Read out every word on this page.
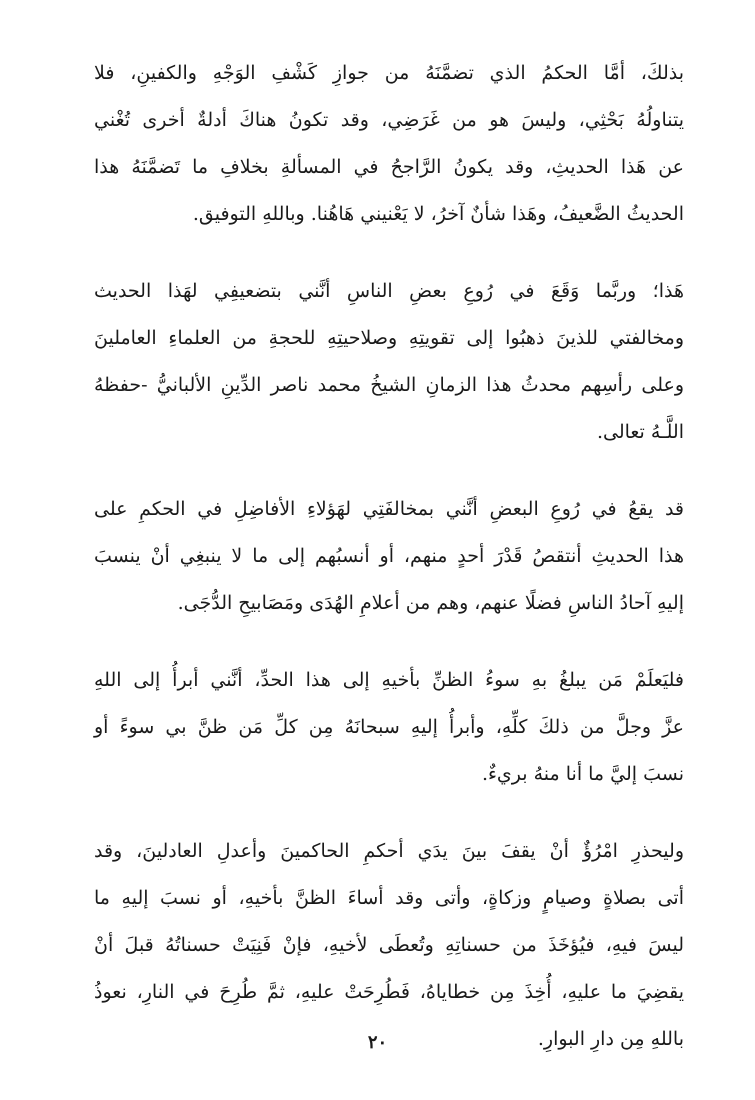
بذلكَ، أمَّا الحكمُ الذي تضمَّنَهُ من جوازِ كَشْفِ الوَجْهِ والكفينِ، فلا
يتناولُهُ بَحْثِي، وليسَ هو من غَرَضِي، وقد تكونُ هناكَ أدلةٌ أخرى تُغْني
عن هَذا الحديثِ، وقد يكونُ الرَّاجحُ في المسألةِ بخلافِ ما تَضمَّنَهُ هذا
الحديثُ الضَّعيفُ، وهَذا شأنٌ آخرُ، لا يَعْنيني هَاهُنا. وباللهِ التوفيق.

هَذا؛ وربَّما وَقَعَ في رُوعِ بعضِ الناسِ أنَّني بتضعيفِي لهَذا الحديث
ومخالفتي للذينَ ذهبُوا إلى تقويتِهِ وصلاحيتِهِ للحجةِ من العلماءِ العاملينَ
وعلى رأسِهم محدثُ هذا الزمانِ الشيخُ محمد ناصر الدِّينِ الألبانيُّ -حفظهُ
اللَّـهُ تعالى.

قد يقعُ في رُوعِ البعضِ أنَّني بمخالفَتِي لهَؤلاءِ الأفاضِلِ في الحكمِ على
هذا الحديثِ أنتقصُ قَدْرَ أحدٍ منهم، أو أنسبُهم إلى ما لا ينبغِي أنْ ينسبَ
إليهِ آحادُ الناسِ فضلًا عنهم، وهم من أعلامِ الهُدَى ومَصَابيحِ الدُّجَى.

فليَعلَمْ مَن يبلغُ بهِ سوءُ الظنِّ بأخيهِ إلى هذا الحدِّ، أنَّني أبرأُ إلى اللهِ
عزَّ وجلَّ من ذلكَ كلِّهِ، وأبرأُ إليهِ سبحانَهُ مِن كلِّ مَن ظنَّ بي سوءً أو
نسبَ إليَّ ما أنا منهُ بريءٌ.

وليحذرِ امْرُؤٌ أنْ يقفَ بينَ يدَي أحكمِ الحاكمينَ وأعدلِ العادلينَ، وقد
أتى بصلاةٍ وصيامٍ وزكاةٍ، وأتى وقد أساءَ الظنَّ بأخيهِ، أو نسبَ إليهِ ما
ليسَ فيهِ، فيُؤخَذَ من حسناتِهِ وتُعطَى لأخيهِ، فإنْ فَنِيَتْ حسناتُهُ قبلَ أنْ
يقضِيَ ما عليهِ، أُخِذَ مِن خطاياهُ، فَطُرِحَتْ عليهِ، ثمَّ طُرِحَ في النارِ، نعوذُ
باللهِ مِن دارِ البوارِ.

٢٠
